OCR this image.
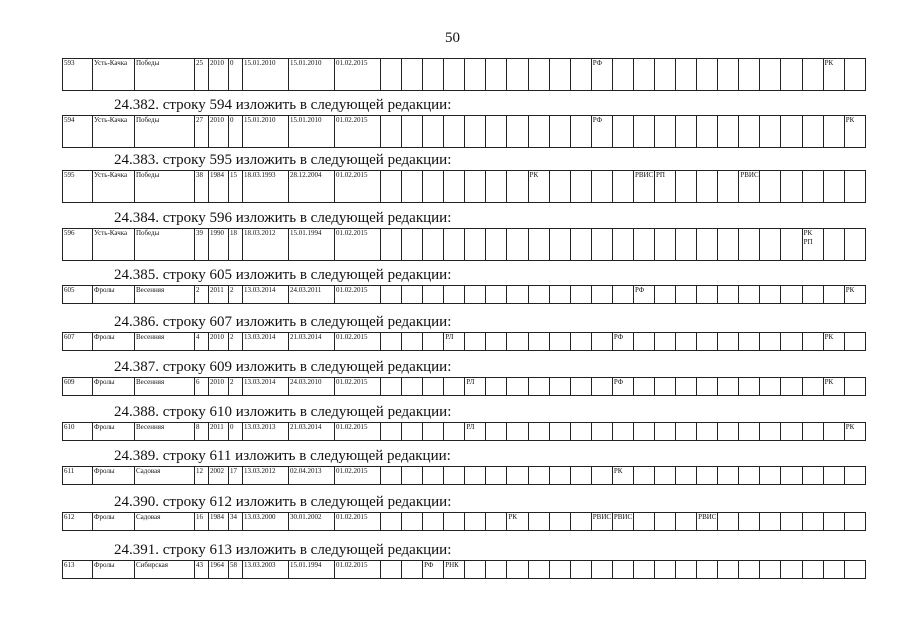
50
593	Усть-Качка	Победы	25	2010	0	15.01.2010	15.01.2010	01.02.2015											РФ											РК	
24.382. строку 594 изложить в следующей редакции:
594	Усть-Качка	Победы	27	2010	0	15.01.2010	15.01.2010	01.02.2015											РФ												РК
24.383. строку 595 изложить в следующей редакции:
595	Усть-Качка	Победы	38	1984	15	18.03.1993	28.12.2004	01.02.2015								РК					РВИС	РП				РВИС					
24.384. строку 596 изложить в следующей редакции:
596	Усть-Качка	Победы	39	1990	18	18.03.2012	15.01.1994	01.02.2015																					РК РП		
24.385. строку 605 изложить в следующей редакции:
605	Фролы	Весенняя	2	2011	2	13.03.2014	24.03.2011	01.02.2015													РФ										РК
24.386. строку 607 изложить в следующей редакции:
607	Фролы	Весенняя	4	2010	2	13.03.2014	21.03.2014	01.02.2015				РЛ								РФ										РК	
24.387. строку 609 изложить в следующей редакции:
609	Фролы	Весенняя	6	2010	2	13.03.2014	24.03.2010	01.02.2015					РЛ							РФ										РК	
24.388. строку 610 изложить в следующей редакции:
610	Фролы	Весенняя	8	2011	0	13.03.2013	21.03.2014	01.02.2015					РЛ																		РК
24.389. строку 611 изложить в следующей редакции:
611	Фролы	Садовая	12	2002	17	13.03.2012	02.04.2013	01.02.2015												РК											
24.390. строку 612 изложить в следующей редакции:
612	Фролы	Садовая	16	1984	34	13.03.2000	30.01.2002	01.02.2015							РК				РВИС	РВИС				РВИС							
24.391. строку 613 изложить в следующей редакции:
613	Фролы	Сибирская	43	1964	58	13.03.2003	15.01.1994	01.02.2015			РФ	РНК																			
